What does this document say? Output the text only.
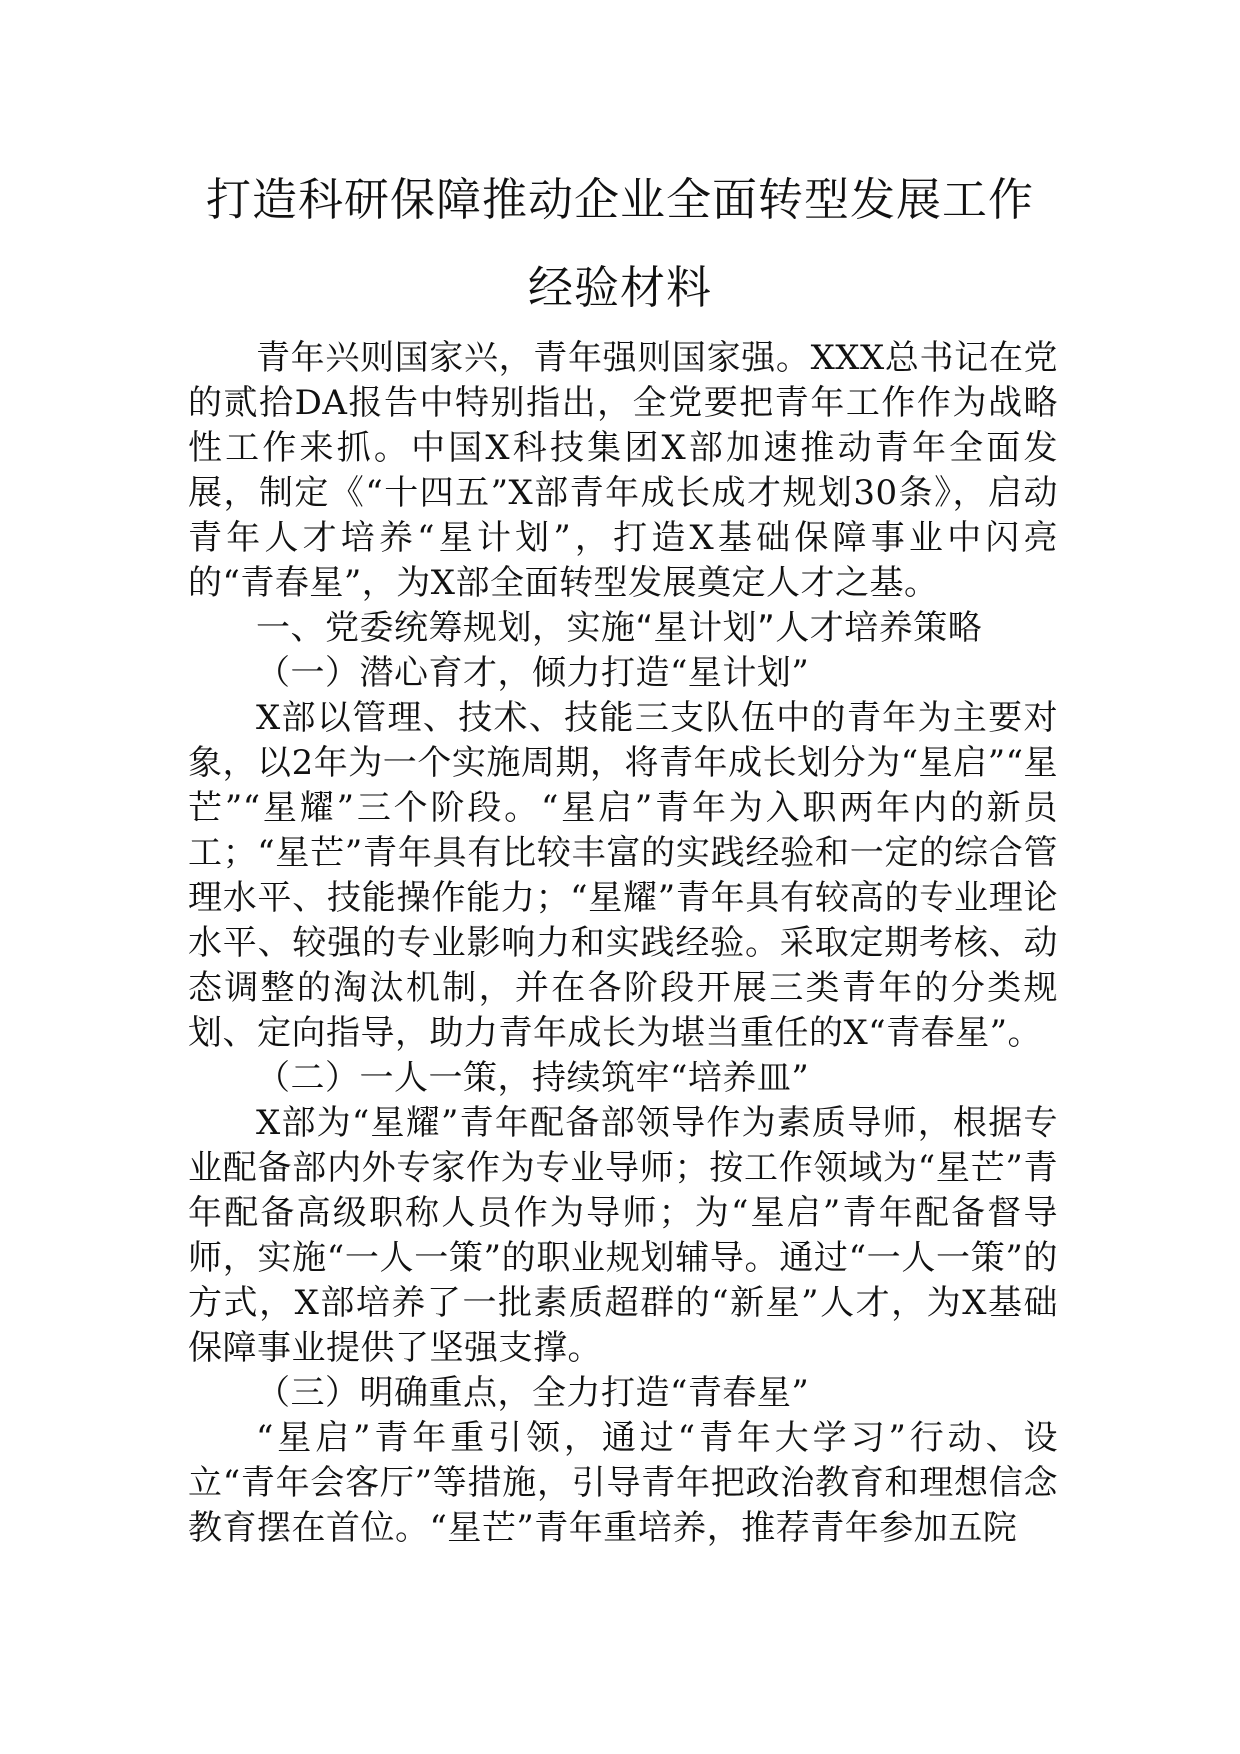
打造科研保障推动企业全面转型发展工作
经验材料

青年兴则国家兴，青年强则国家强。XXX总书记在党的贰拾DA报告中特别指出，全党要把青年工作作为战略性工作来抓。中国X科技集团X部加速推动青年全面发展，制定《“十四五”X部青年成长成才规划30条》，启动青年人才培养“星计划”，打造X基础保障事业中闪亮的“青春星”，为X部全面转型发展奠定人才之基。

一、党委统筹规划，实施“星计划”人才培养策略

（一）潜心育才，倾力打造“星计划”

X部以管理、技术、技能三支队伍中的青年为主要对象，以2年为一个实施周期，将青年成长划分为“星启”“星芒”“星耀”三个阶段。“星启”青年为入职两年内的新员工；“星芒”青年具有比较丰富的实践经验和一定的综合管理水平、技能操作能力；“星耀”青年具有较高的专业理论水平、较强的专业影响力和实践经验。采取定期考核、动态调整的淘汰机制，并在各阶段开展三类青年的分类规划、定向指导，助力青年成长为堪当重任的X“青春星”。

（二）一人一策，持续筑牢“培养皿”

X部为“星耀”青年配备部领导作为素质导师，根据专业配备部内外专家作为专业导师；按工作领域为“星芒”青年配备高级职称人员作为导师；为“星启”青年配备督导师，实施“一人一策”的职业规划辅导。通过“一人一策”的方式，X部培养了一批素质超群的“新星”人才，为X基础保障事业提供了坚强支撑。

（三）明确重点，全力打造“青春星”

“星启”青年重引领，通过“青年大学习”行动、设立“青年会客厅”等措施，引导青年把政治教育和理想信念教育摆在首位。“星芒”青年重培养，推荐青年参加五院
